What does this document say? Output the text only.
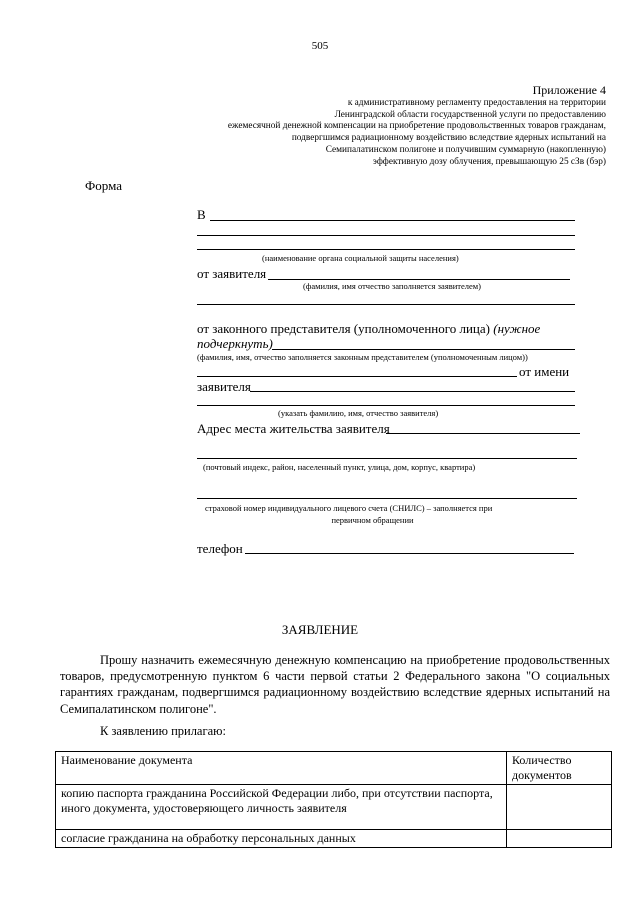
505
Приложение 4
к административному регламенту предоставления на территории
Ленинградской области государственной услуги по предоставлению
ежемесячной денежной компенсации на приобретение продовольственных товаров гражданам,
подвергшимся радиационному воздействию вследствие ядерных испытаний на
Семипалатинском полигоне и получившим суммарную (накопленную)
эффективную дозу облучения, превышающую 25 сЗв (бэр)
Форма
В
(наименование органа социальной защиты населения)
от заявителя
(фамилия, имя отчество заполняется заявителем)
от законного представителя (уполномоченного лица) (нужное
подчеркнуть)
(фамилия, имя, отчество заполняется законным представителем (уполномоченным лицом))
от имени
заявителя
(указать фамилию, имя, отчество заявителя)
Адрес места жительства заявителя
(почтовый индекс, район, населенный пункт, улица, дом, корпус, квартира)
страховой номер индивидуального лицевого счета (СНИЛС) – заполняется при
первичном обращении
телефон
ЗАЯВЛЕНИЕ

Прошу назначить ежемесячную денежную компенсацию на приобретение продовольственных товаров, предусмотренную пунктом 6 части первой статьи 2 Федерального закона "О социальных гарантиях гражданам, подвергшимся радиационному воздействию вследствие ядерных испытаний на Семипалатинском полигоне".

К заявлению прилагаю:
Наименование документа	Количество документов
копию паспорта гражданина Российской Федерации либо, при отсутствии паспорта, иного документа, удостоверяющего личность заявителя	
согласие гражданина на обработку персональных данных	
